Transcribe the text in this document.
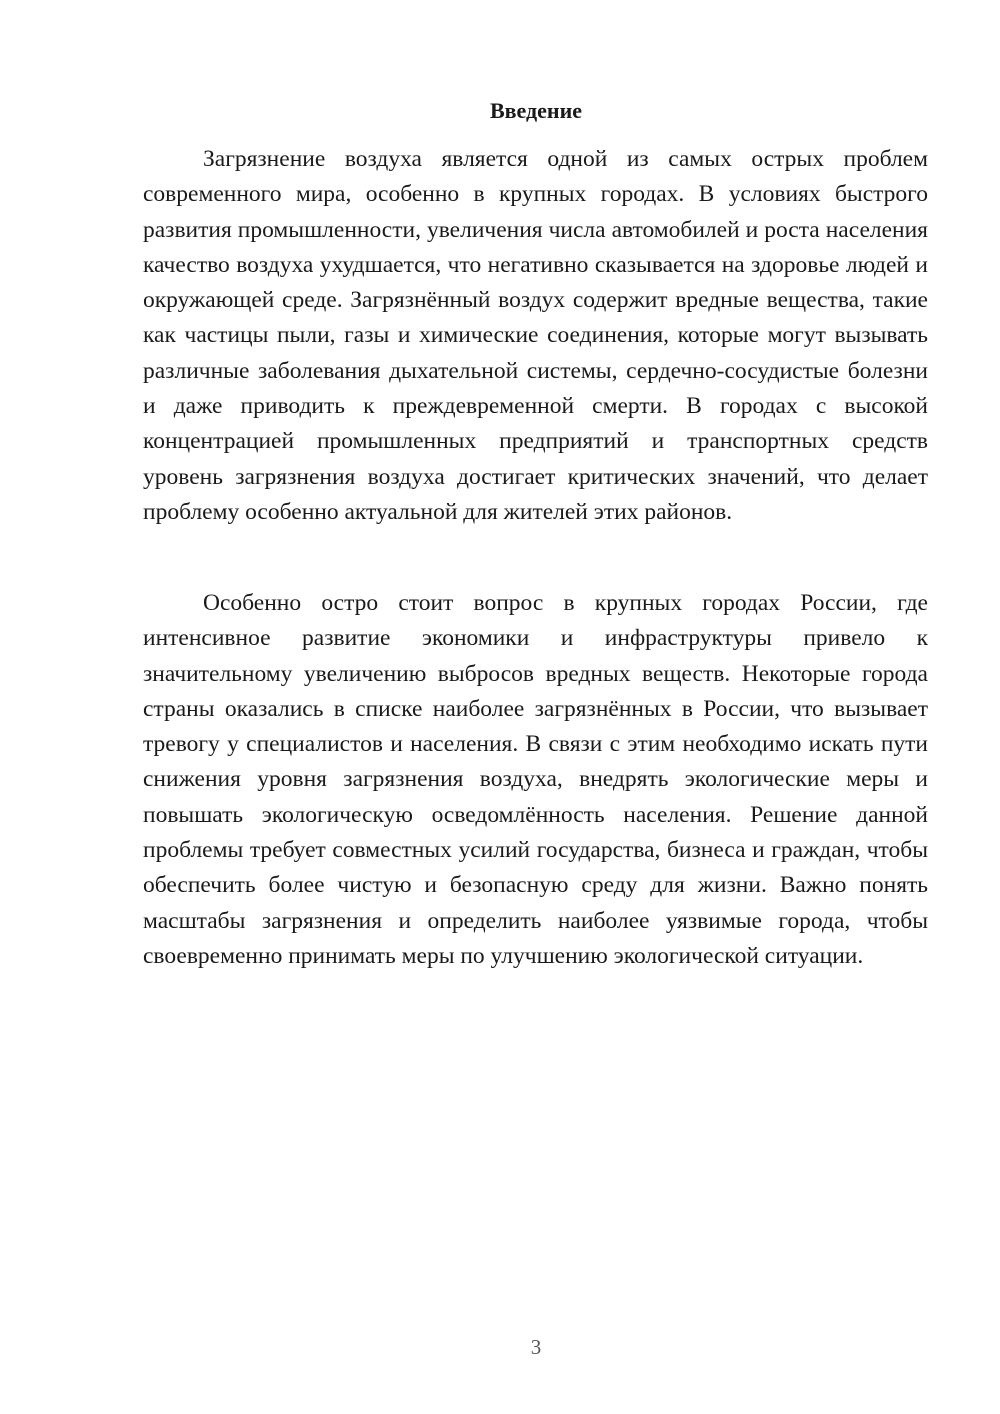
Введение

Загрязнение воздуха является одной из самых острых проблем современного мира, особенно в крупных городах. В условиях быстрого развития промышленности, увеличения числа автомобилей и роста населения качество воздуха ухудшается, что негативно сказывается на здоровье людей и окружающей среде. Загрязнённый воздух содержит вредные вещества, такие как частицы пыли, газы и химические соединения, которые могут вызывать различные заболевания дыхательной системы, сердечно-сосудистые болезни и даже приводить к преждевременной смерти. В городах с высокой концентрацией промышленных предприятий и транспортных средств уровень загрязнения воздуха достигает критических значений, что делает проблему особенно актуальной для жителей этих районов.

Особенно остро стоит вопрос в крупных городах России, где интенсивное развитие экономики и инфраструктуры привело к значительному увеличению выбросов вредных веществ. Некоторые города страны оказались в списке наиболее загрязнённых в России, что вызывает тревогу у специалистов и населения. В связи с этим необходимо искать пути снижения уровня загрязнения воздуха, внедрять экологические меры и повышать экологическую осведомлённость населения. Решение данной проблемы требует совместных усилий государства, бизнеса и граждан, чтобы обеспечить более чистую и безопасную среду для жизни. Важно понять масштабы загрязнения и определить наиболее уязвимые города, чтобы своевременно принимать меры по улучшению экологической ситуации.

3
